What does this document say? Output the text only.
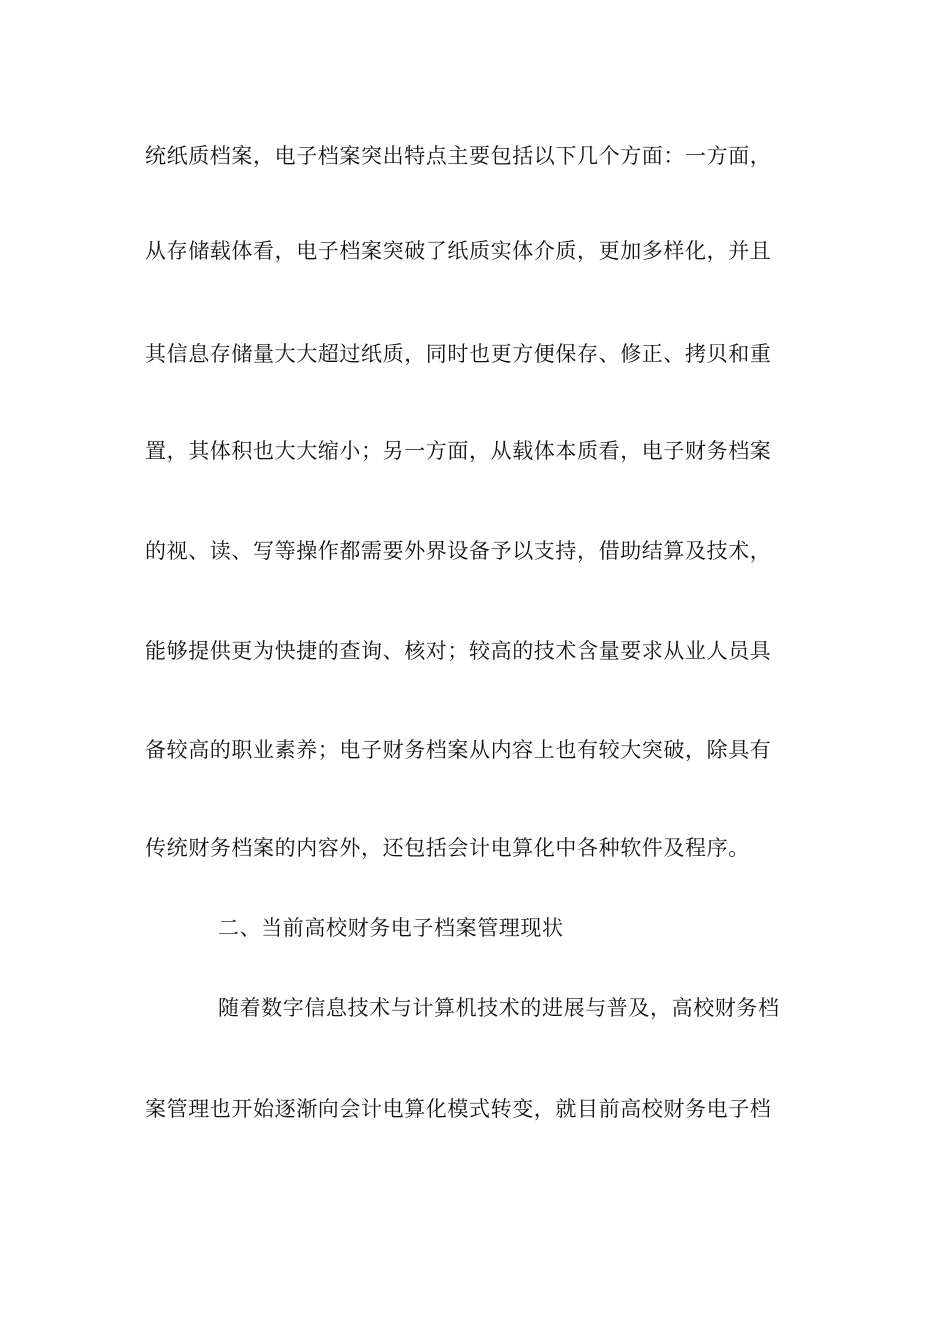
统纸质档案，电子档案突出特点主要包括以下几个方面：一方面，
从存储载体看，电子档案突破了纸质实体介质，更加多样化，并且
其信息存储量大大超过纸质，同时也更方便保存、修正、拷贝和重
置，其体积也大大缩小；另一方面，从载体本质看，电子财务档案
的视、读、写等操作都需要外界设备予以支持，借助结算及技术，
能够提供更为快捷的查询、核对；较高的技术含量要求从业人员具
备较高的职业素养；电子财务档案从内容上也有较大突破，除具有
传统财务档案的内容外，还包括会计电算化中各种软件及程序。
二、当前高校财务电子档案管理现状
随着数字信息技术与计算机技术的进展与普及，高校财务档
案管理也开始逐渐向会计电算化模式转变，就目前高校财务电子档
